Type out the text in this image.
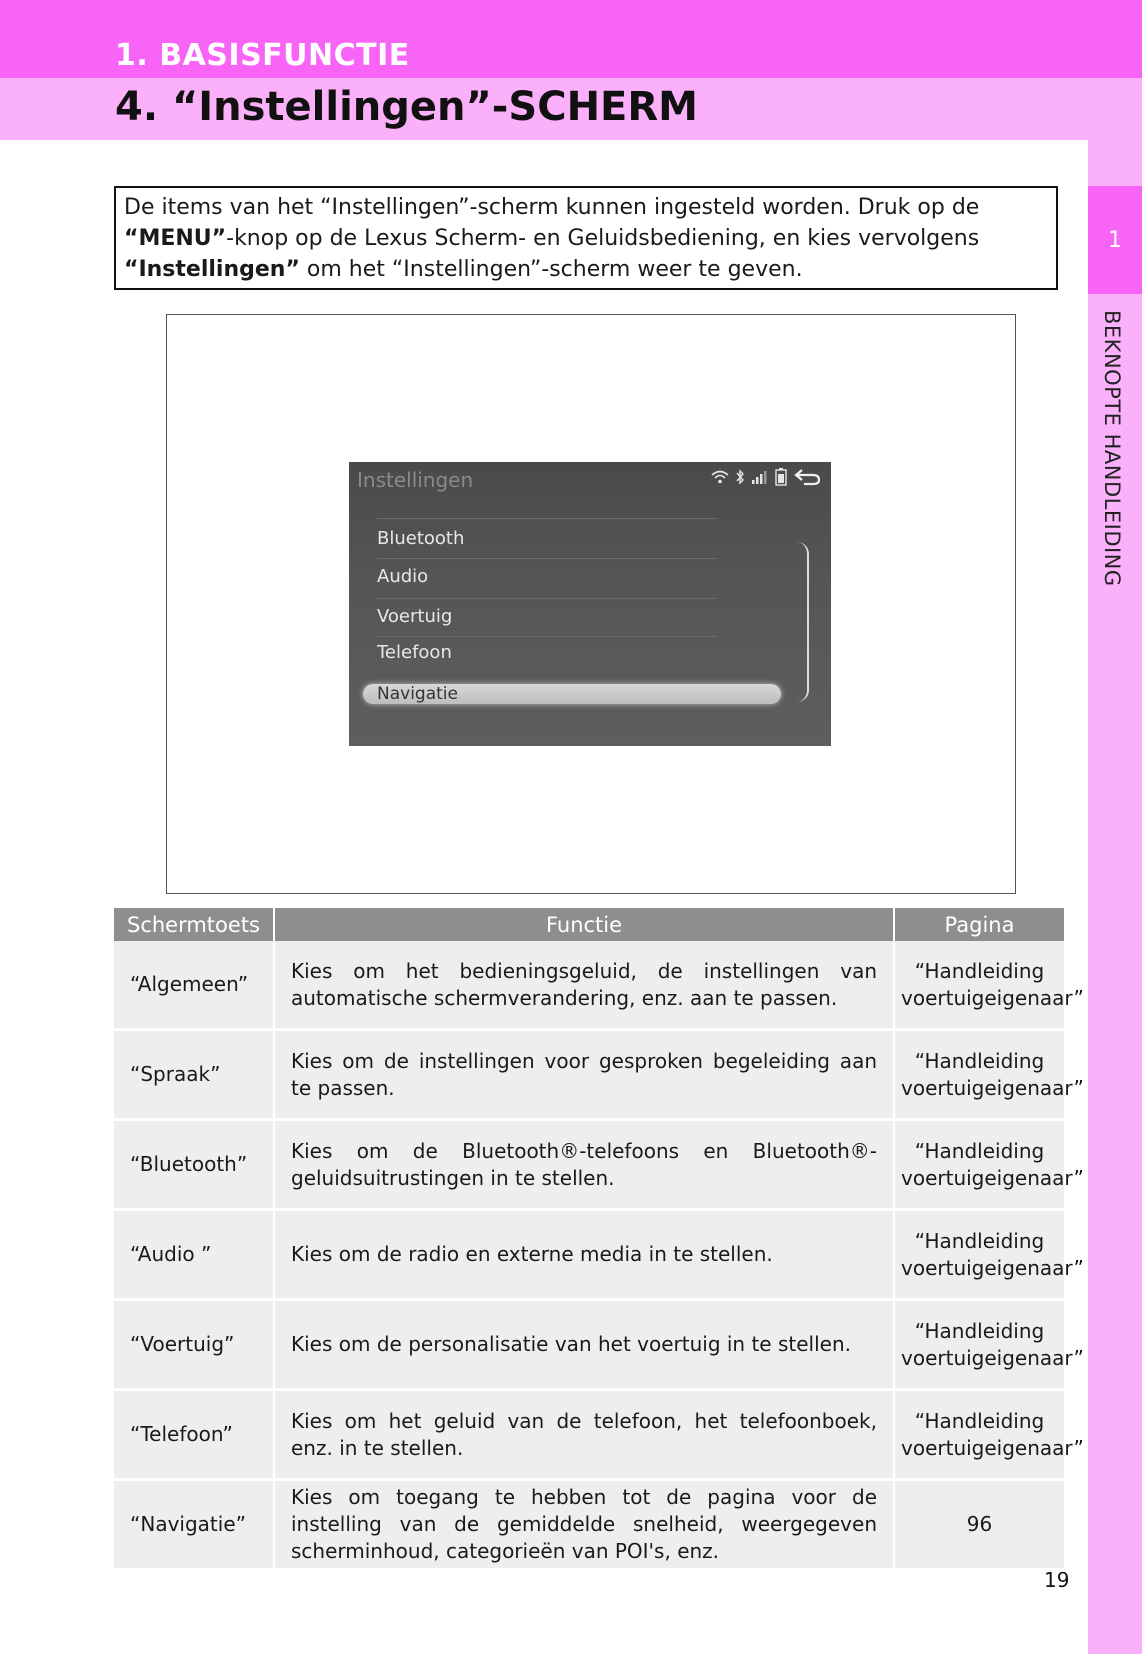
1. BASISFUNCTIE
4. “Instellingen”-SCHERM
1
BEKNOPTE HANDLEIDING
De items van het “Instellingen”-scherm kunnen ingesteld worden. Druk op de “MENU”-knop op de Lexus Scherm- en Geluidsbediening, en kies vervolgens “Instellingen” om het “Instellingen”-scherm weer te geven.
Instellingen
Bluetooth
Audio
Voertuig
Telefoon
Navigatie
Schermtoets	Functie	Pagina
“Algemeen”	Kies om het bedieningsgeluid, de instellingen van automatische schermverandering, enz. aan te passen.	“Handleiding voertuigeigenaar”
“Spraak”	Kies om de instellingen voor gesproken begeleiding aan te passen.	“Handleiding voertuigeigenaar”
“Bluetooth”	Kies om de Bluetooth®-telefoons en Bluetooth®-geluidsuitrustingen in te stellen.	“Handleiding voertuigeigenaar”
“Audio ”	Kies om de radio en externe media in te stellen.	“Handleiding voertuigeigenaar”
“Voertuig”	Kies om de personalisatie van het voertuig in te stellen.	“Handleiding voertuigeigenaar”
“Telefoon”	Kies om het geluid van de telefoon, het telefoonboek, enz. in te stellen.	“Handleiding voertuigeigenaar”
“Navigatie”	Kies om toegang te hebben tot de pagina voor de instelling van de gemiddelde snelheid, weergegeven scherminhoud, categorieën van POI's, enz.	96
19
